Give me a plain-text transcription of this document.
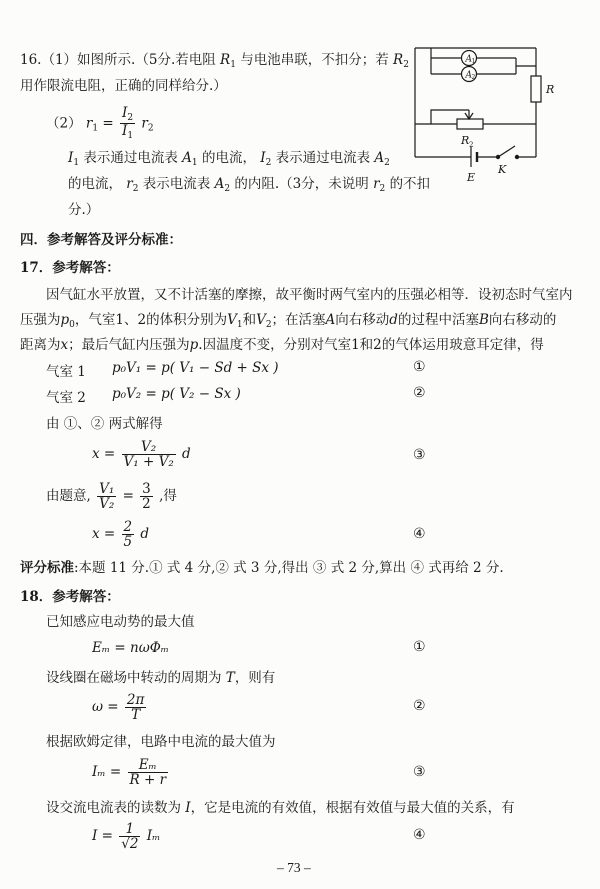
16.（1）如图所示.（5分.若电阻 $R_1$ 与电池串联，不扣分；若 $R_2$
用作限流电阻，正确的同样给分.）
（2） $r_1 = \frac{I_2}{I_1} r_2$
$I_1$ 表示通过电流表 $A_1$ 的电流， $I_2$ 表示通过电流表 $A_2$
的电流， $r_2$ 表示电流表 $A_2$ 的内阻.（3分，未说明 $r_2$ 的不扣
分.）
A 1
A 2
R
R 2
E
K
四．参考解答及评分标准：
17．参考解答：
因气缸水平放置，又不计活塞的摩擦，故平衡时两气室内的压强必相等．设初态时气室内
压强为$p_0$，气室1、2的体积分别为$V_1$和$V_2$；在活塞A向右移动d的过程中活塞B向右移动的
距离为x；最后气缸内压强为p.因温度不变，分别对气室1和2的气体运用玻意耳定律，得
气室 1 p₀V₁ = p( V₁ − Sd + Sx )	①
气室 2 p₀V₂ = p( V₂ − Sx )	②
由 ①、② 两式解得
$x = \frac{\text{V₂}}{\text{V₁ + V₂}}$ d	③
由题意, $\frac{\text{V₁}}{\text{V₂}} = \frac{3}{2}$ ,得
$x = \frac{2}{5}$ d	④
评分标准:本题 11 分.① 式 4 分,② 式 3 分,得出 ③ 式 2 分,算出 ④ 式再给 2 分.
18．参考解答：
已知感应电动势的最大值
Eₘ = nωΦₘ	①
设线圈在磁场中转动的周期为 T，则有
$\omega = \frac{2\pi}{T}$	②
根据欧姆定律，电路中电流的最大值为
$I_m = \frac{\text{Eₘ}}{R + r}$	③
设交流电流表的读数为 I，它是电流的有效值，根据有效值与最大值的关系，有
$I = \frac{1}{√2}$ Iₘ	④
– 73 –
